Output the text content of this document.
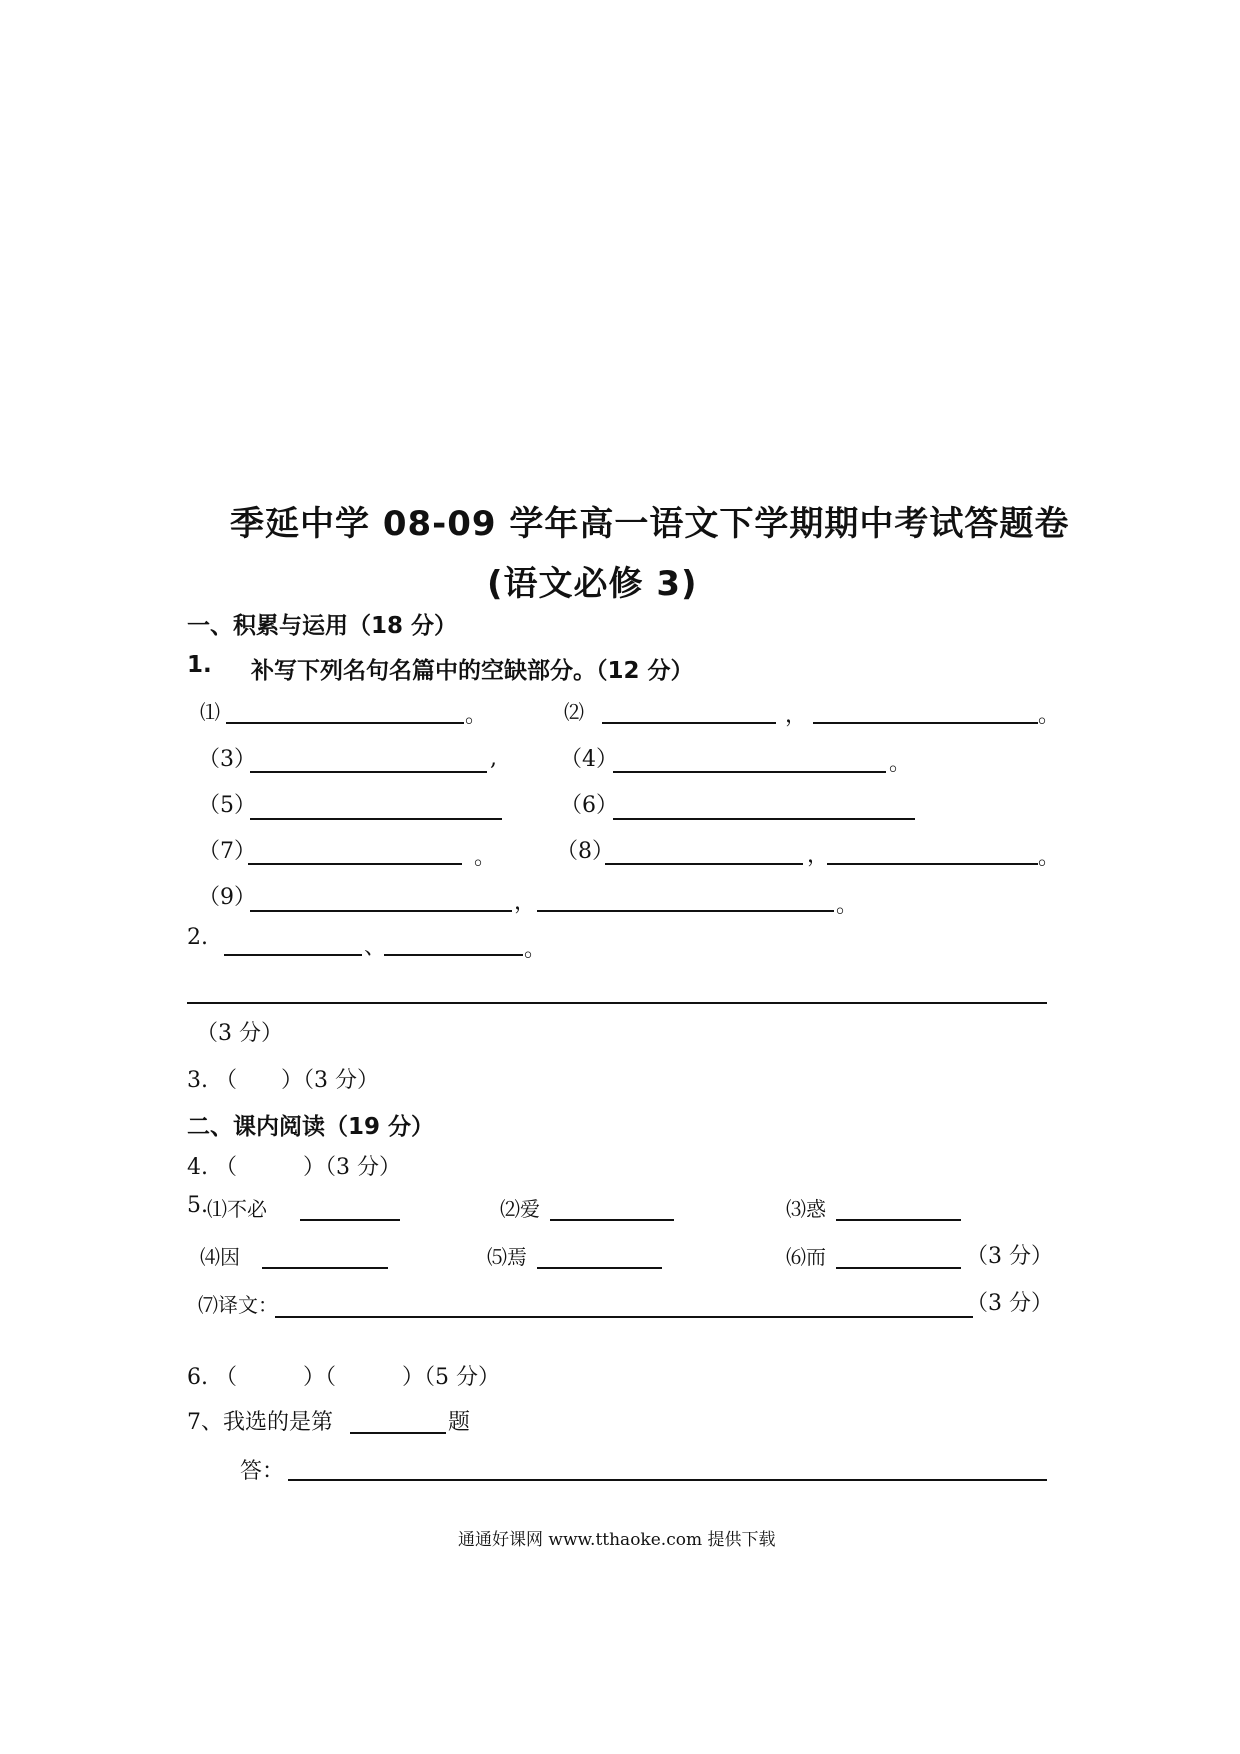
季延中学 08-09 学年高一语文下学期期中考试答题卷
(语文必修 3)
一、积累与运用（18 分）
1. 补写下列名句名篇中的空缺部分。（12 分）
⑴	。	⑵	，	。
（3）	,	（4）	。
（5）	（6）
（7）	。	（8）	，	。
（9）	，	。
2.	、	。
（3 分）
3. （　　）（3 分）
二、课内阅读（19 分）
4. （　　　）（3 分）
5. ⑴不必	⑵爱	⑶惑
⑷因	⑸焉	⑹而	（3 分）
⑺译文：	（3 分）
6. （　　　）（　　　）（5 分）
7、我选的是第	题
答：
通通好课网 www.tthaoke.com 提供下载
